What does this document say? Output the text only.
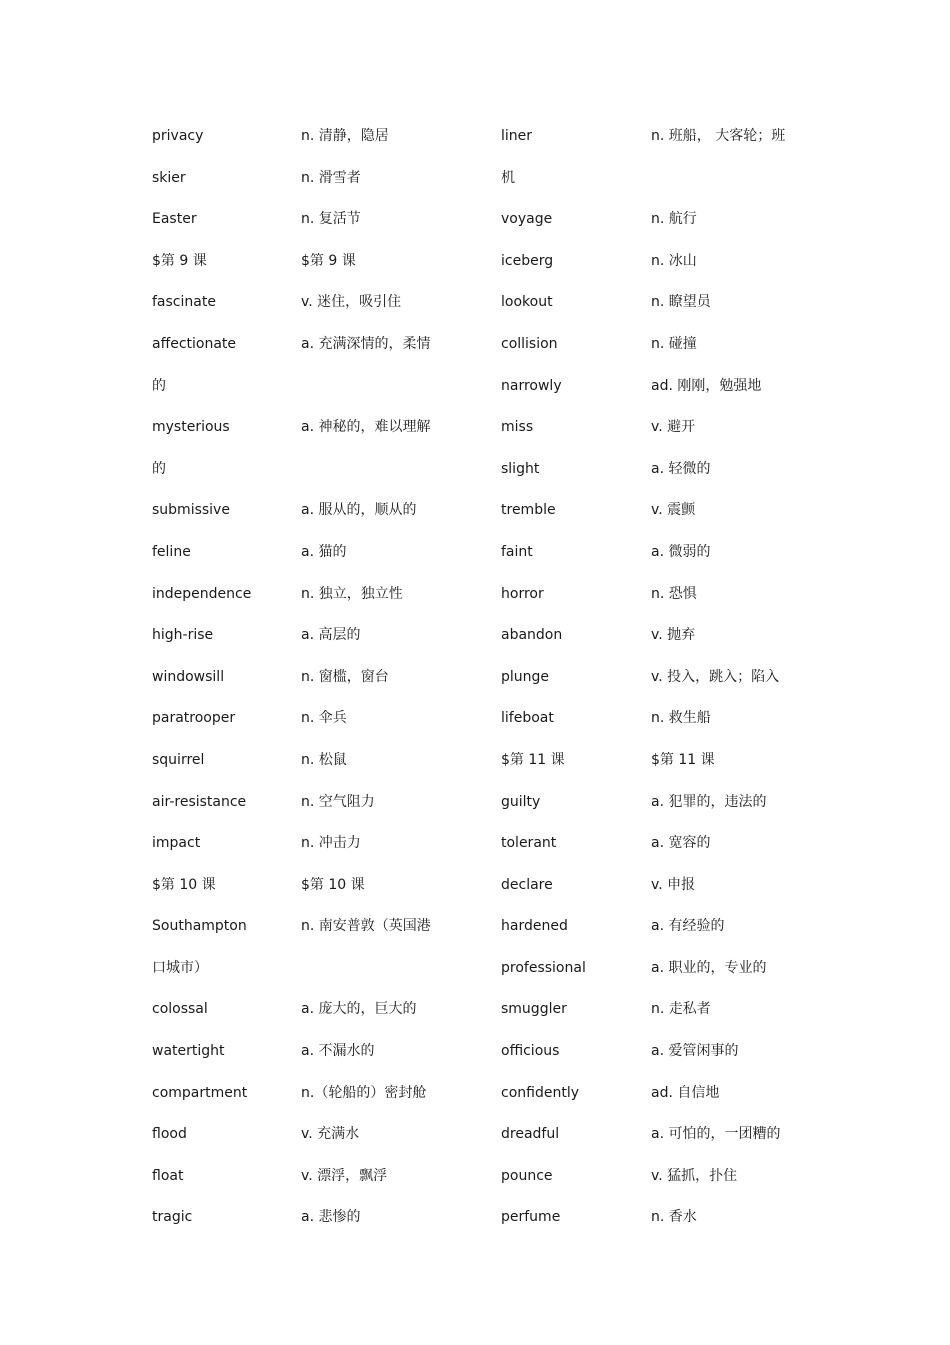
privacy	n. 清静，隐居
skier	n. 滑雪者
Easter	n. 复活节
$第 9 课	$第 9 课
fascinate	v. 迷住，吸引住
affectionate	a. 充满深情的，柔情
的
mysterious	a. 神秘的，难以理解
的
submissive	a. 服从的，顺从的
feline	a. 猫的
independence	n. 独立，独立性
high-rise	a. 高层的
windowsill	n. 窗槛，窗台
paratrooper	n. 伞兵
squirrel	n. 松鼠
air-resistance	n. 空气阻力
impact	n. 冲击力
$第 10 课	$第 10 课
Southampton	n. 南安普敦（英国港
口城市）
colossal	a. 庞大的，巨大的
watertight	a. 不漏水的
compartment	n.（轮船的）密封舱
flood	v. 充满水
float	v. 漂浮，飘浮
tragic	a. 悲惨的
liner	n. 班船， 大客轮；班
机
voyage	n. 航行
iceberg	n. 冰山
lookout	n. 瞭望员
collision	n. 碰撞
narrowly	ad. 刚刚，勉强地
miss	v. 避开
slight	a. 轻微的
tremble	v. 震颤
faint	a. 微弱的
horror	n. 恐惧
abandon	v. 抛弃
plunge	v. 投入，跳入；陷入
lifeboat	n. 救生船
$第 11 课	$第 11 课
guilty	a. 犯罪的，违法的
tolerant	a. 宽容的
declare	v. 申报
hardened	a. 有经验的
professional	a. 职业的，专业的
smuggler	n. 走私者
officious	a. 爱管闲事的
confidently	ad. 自信地
dreadful	a. 可怕的，一团糟的
pounce	v. 猛抓，扑住
perfume	n. 香水
